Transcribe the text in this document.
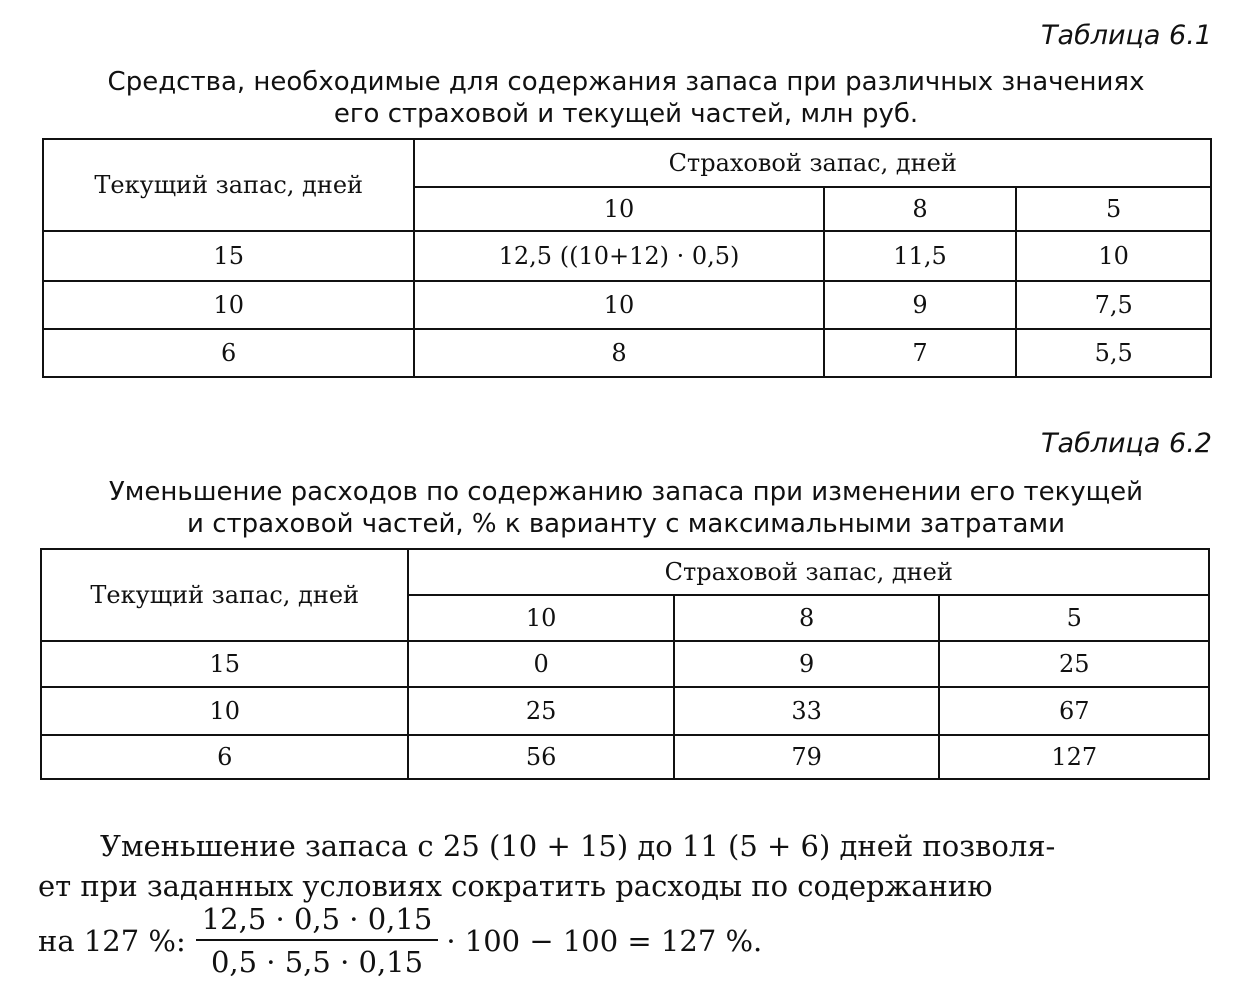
Таблица 6.1
Средства, необходимые для содержания запаса при различных значениях
его страховой и текущей частей, млн руб.
Текущий запас, дней	Страховой запас, дней		
	10	8	5
15	12,5 ((10+12) · 0,5)	11,5	10
10	10	9	7,5
6	8	7	5,5
Таблица 6.2
Уменьшение расходов по содержанию запаса при изменении его текущей
и страховой частей, % к варианту с максимальными затратами
Текущий запас, дней	Страховой запас, дней		
	10	8	5
15	0	9	25
10	25	33	67
6	56	79	127
Уменьшение запаса с 25 (10 + 15) до 11 (5 + 6) дней позволя-
ет при заданных условиях сократить расходы по содержанию
на 127 %: $\frac{12,5 \cdot 0,5 \cdot 0,15}{0,5 \cdot 5,5 \cdot 0,15} \cdot 100 - 100 = 127$ %.
